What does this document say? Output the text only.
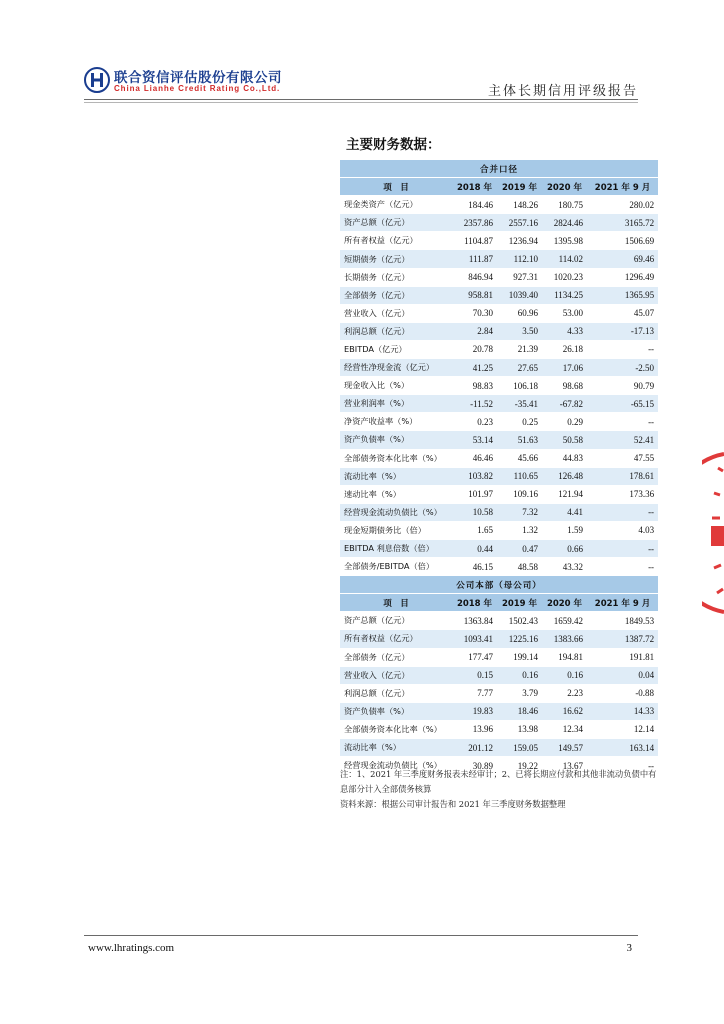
联合资信评估股份有限公司
China Lianhe Credit Rating Co.,Ltd.	主体长期信用评级报告
主要财务数据：
合并口径				
项　目	2018 年	2019 年	2020 年	2021 年 9 月
现金类资产（亿元）	184.46	148.26	180.75	280.02
资产总额（亿元）	2357.86	2557.16	2824.46	3165.72
所有者权益（亿元）	1104.87	1236.94	1395.98	1506.69
短期债务（亿元）	111.87	112.10	114.02	69.46
长期债务（亿元）	846.94	927.31	1020.23	1296.49
全部债务（亿元）	958.81	1039.40	1134.25	1365.95
营业收入（亿元）	70.30	60.96	53.00	45.07
利润总额（亿元）	2.84	3.50	4.33	-17.13
EBITDA（亿元）	20.78	21.39	26.18	--
经营性净现金流（亿元）	41.25	27.65	17.06	-2.50
现金收入比（%）	98.83	106.18	98.68	90.79
营业利润率（%）	-11.52	-35.41	-67.82	-65.15
净资产收益率（%）	0.23	0.25	0.29	--
资产负债率（%）	53.14	51.63	50.58	52.41
全部债务资本化比率（%）	46.46	45.66	44.83	47.55
流动比率（%）	103.82	110.65	126.48	178.61
速动比率（%）	101.97	109.16	121.94	173.36
经营现金流动负债比（%）	10.58	7.32	4.41	--
现金短期债务比（倍）	1.65	1.32	1.59	4.03
EBITDA 利息倍数（倍）	0.44	0.47	0.66	--
全部债务/EBITDA（倍）	46.15	48.58	43.32	--
公司本部（母公司）				
项　目	2018 年	2019 年	2020 年	2021 年 9 月
资产总额（亿元）	1363.84	1502.43	1659.42	1849.53
所有者权益（亿元）	1093.41	1225.16	1383.66	1387.72
全部债务（亿元）	177.47	199.14	194.81	191.81
营业收入（亿元）	0.15	0.16	0.16	0.04
利润总额（亿元）	7.77	3.79	2.23	-0.88
资产负债率（%）	19.83	18.46	16.62	14.33
全部债务资本化比率（%）	13.96	13.98	12.34	12.14
流动比率（%）	201.12	159.05	149.57	163.14
经营现金流动负债比（%）	30.89	19.22	13.67	--
注：1、2021 年三季度财务报表未经审计；2、已将长期应付款和其他非流动负债中有息部分计入全部债务核算
资料来源：根据公司审计报告和 2021 年三季度财务数据整理
www.lhratings.com	3
